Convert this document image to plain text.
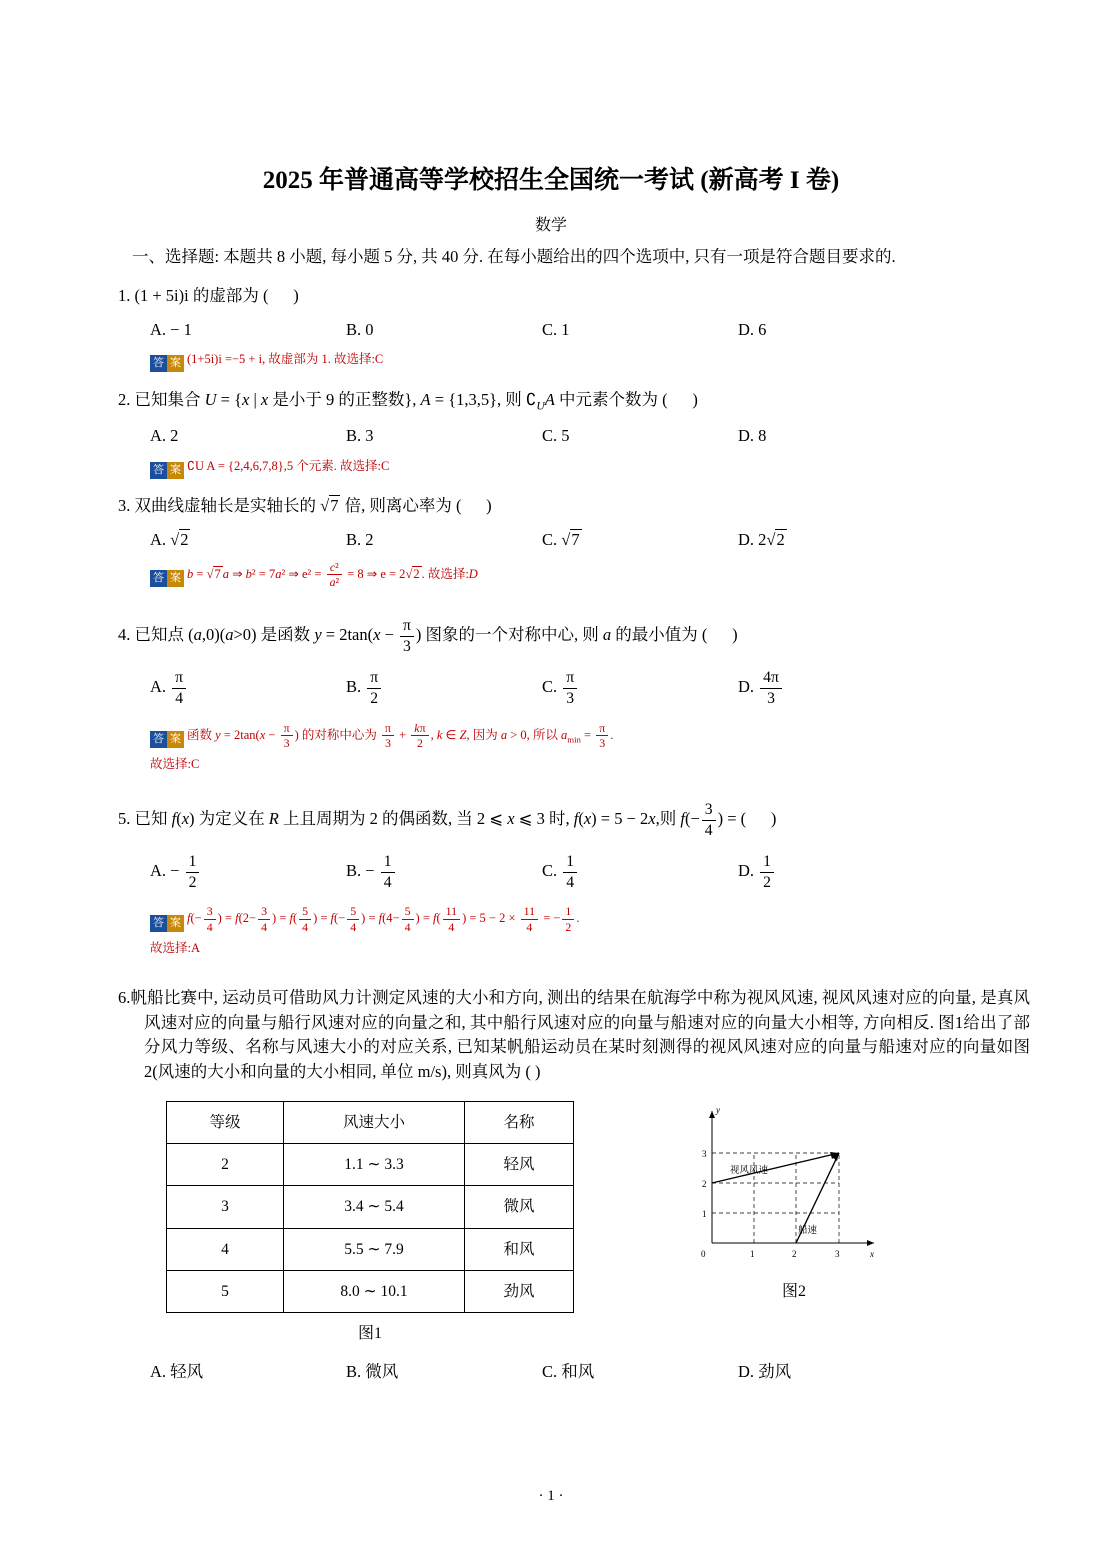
2025 年普通高等学校招生全国统一考试 (新高考 I 卷)
数学
一、选择题: 本题共 8 小题, 每小题 5 分, 共 40 分. 在每小题给出的四个选项中, 只有一项是符合题目要求的.
1. (1 + 5i)i 的虚部为 (      )
A. − 1	B. 0	C. 1	D. 6
答 案 (1+5i)i =−5 + i, 故虚部为 1. 故选择:C
2. 已知集合 U = {x | x 是小于 9 的正整数}, A = {1,3,5}, 则 $∁_UA$ 中元素个数为 (      )
A. 2	B. 3	C. 5	D. 8
答 案 ∁U A = {2,4,6,7,8},5 个元素. 故选择:C
3. 双曲线虚轴长是实轴长的 √7 倍, 则离心率为 (      )
A. √2	B. 2	C. √7	D. 2√2
答 案 b = √7 a ⇒ b² = 7a² ⇒ $e^2 = \frac{\text{c²}}{\text{a²}} = 8$ ⇒ e = 2√2 . 故选择:D
4. 已知点 (a,0)(a>0) 是函数 $y = 2\tan(x - \frac{\pi}{3}$ ) 图象的一个对称中心, 则 a 的最小值为 (      )
A. $\frac{\pi}{4}$	B. $\frac{\pi}{2}$	C. $\frac{\pi}{3}$	D. $\frac{4\pi}{3}$
答 案 函数 $y = 2\tan(x - \frac{\pi}{3}$ ) 的对称中心为 $\frac{\pi}{3} + \frac{k\pi}{2}$ , k ∈ Z, 因为 a > 0, 所以 $a_{min} = \frac{\pi}{3}$ .
故选择:C
5. 已知 f(x) 为定义在 R 上且周期为 2 的偶函数, 当 2 ⩽ x ⩽ 3 时, f(x) = 5 − 2x,则 $f(- \frac{3}{4}$ ) = (      )
A. − $\frac{1}{2}$	B. − $\frac{1}{4}$	C. $\frac{1}{4}$	D. $\frac{1}{2}$
答 案 $f(- \frac{3}{4}$ ) = $f(2- \frac{3}{4}$ ) = $f( \frac{5}{4}$ ) = $f(- \frac{5}{4}$ ) = $f(4- \frac{5}{4}$ ) = $f( \frac{11}{4}$ ) = $5 - 2 \times \frac{11}{4}$ = − $\frac{1}{2}$ .
故选择:A
6.帆船比赛中, 运动员可借助风力计测定风速的大小和方向, 测出的结果在航海学中称为视风风速, 视风风速对应的向量, 是真风风速对应的向量与船行风速对应的向量之和, 其中船行风速对应的向量与船速对应的向量大小相等, 方向相反. 图1给出了部分风力等级、名称与风速大小的对应关系, 已知某帆船运动员在某时刻测得的视风风速对应的向量与船速对应的向量如图 2(风速的大小和向量的大小相同, 单位 m/s), 则真风为 ( )
等级	风速大小	名称
2	1.1 ∼ 3.3	轻风
3	3.4 ∼ 5.4	微风
4	5.5 ∼ 7.9	和风
5	8.0 ∼ 10.1	劲风
图1
1	2	3
1
2
3
0	x
y
视风风速
船速
图2
A. 轻风	B. 微风	C. 和风	D. 劲风
· 1 ·
